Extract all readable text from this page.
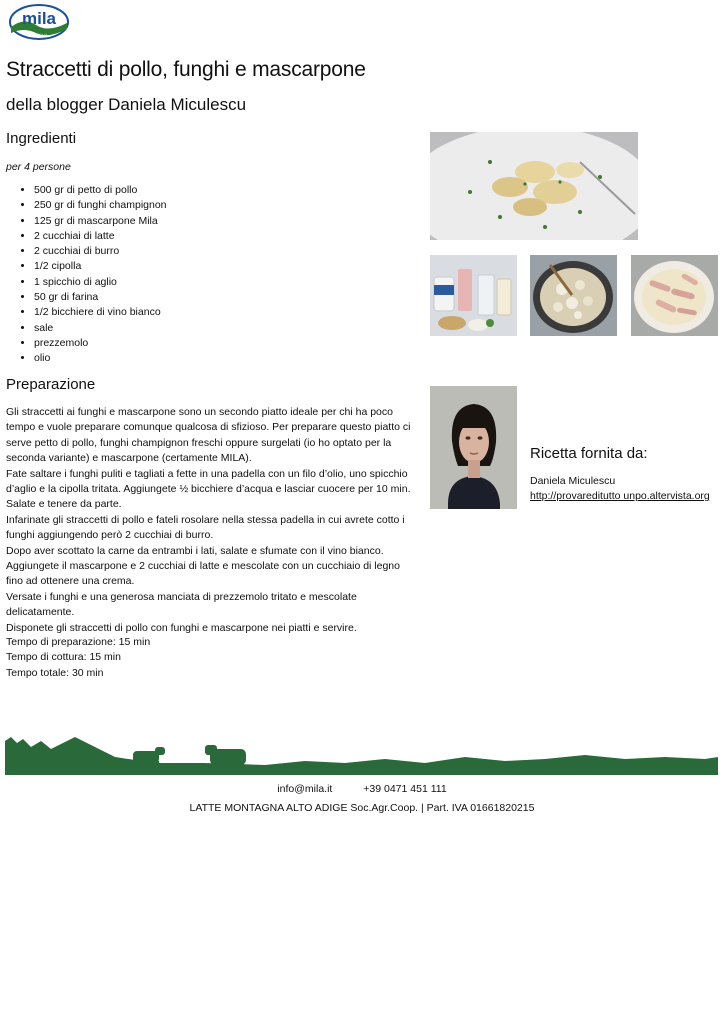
mila
Südtirol
Straccetti di pollo, funghi e mascarpone
della blogger Daniela Miculescu
Ingredienti
per 4 persone
• 500 gr di petto di pollo
• 250 gr di funghi champignon
• 125 gr di mascarpone Mila
• 2 cucchiai di latte
• 2 cucchiai di burro
• 1/2 cipolla
• 1 spicchio di aglio
• 50 gr di farina
• 1/2 bicchiere di vino bianco
• sale
• prezzemolo
• olio
Preparazione

Gli straccetti ai funghi e mascarpone sono un secondo piatto ideale per chi ha poco tempo e vuole preparare comunque qualcosa di sfizioso. Per preparare questo piatto ci serve petto di pollo, funghi champignon freschi oppure surgelati (io ho optato per la seconda variante) e mascarpone (certamente MILA).

Fate saltare i funghi puliti e tagliati a fette in una padella con un filo d’olio, uno spicchio d’aglio e la cipolla tritata. Aggiungete ½ bicchiere d’acqua e lasciar cuocere per 10 min. Salate e tenere da parte.

Infarinate gli straccetti di pollo e fateli rosolare nella stessa padella in cui avrete cotto i funghi aggiungendo però 2 cucchiai di burro.

Dopo aver scottato la carne da entrambi i lati, salate e sfumate con il vino bianco. Aggiungete il mascarpone e 2 cucchiai di latte e mescolate con un cucchiaio di legno fino ad ottenere una crema.

Versate i funghi e una generosa manciata di prezzemolo tritato e mescolate delicatamente.

Disponete gli straccetti di pollo con funghi e mascarpone nei piatti e servire.

Tempo di preparazione: 15 min

Tempo di cottura: 15 min

Tempo totale: 30 min

Ricetta fornita da:
Daniela Miculescu
http://provareditutto unpo.altervista.org
info@mila.it	+39 0471 451 111
LATTE MONTAGNA ALTO ADIGE Soc.Agr.Coop. | Part. IVA 01661820215
